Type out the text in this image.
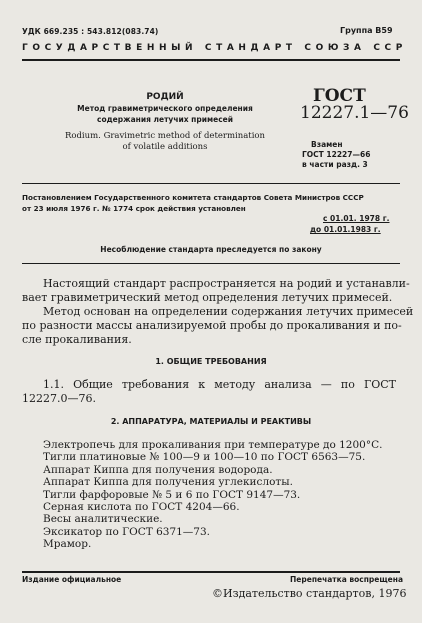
УДК 669.235 : 543.812(083.74)	Группа В59
ГОСУДАРСТВЕННЫЙ СТАНДАРТ СОЮЗА ССР
РОДИЙ
Метод гравиметрического определения
содержания летучих примесей
Rodium. Gravimetric method of determination
of volatile additions
ГОСТ
12227.1—76
Взамен
ГОСТ 12227—66
в части разд. 3
Постановлением Государственного комитета стандартов Совета Министров СССР
от 23 июля 1976 г. № 1774 срок действия установлен
с 01.01. 1978 г.
до 01.01.1983 г.
Несоблюдение стандарта преследуется по закону
Настоящий стандарт распространяется на родий и устанавли-
вает гравиметрический метод определения летучих примесей.
Метод основан на определении содержания летучих примесей
по разности массы анализируемой пробы до прокаливания и по-
сле прокаливания.
1. ОБЩИЕ ТРЕБОВАНИЯ
1.1. Общие требования к методу анализа — по ГОСТ
12227.0—76.
2. АППАРАТУРА, МАТЕРИАЛЫ И РЕАКТИВЫ
Электропечь для прокаливания при температуре до 1200°С.
Тигли платиновые № 100—9 и 100—10 по ГОСТ 6563—75.
Аппарат Киппа для получения водорода.
Аппарат Киппа для получения углекислоты.
Тигли фарфоровые № 5 и 6 по ГОСТ 9147—73.
Серная кислота по ГОСТ 4204—66.
Весы аналитические.
Эксикатор по ГОСТ 6371—73.
Мрамор.
Издание официальное	Перепечатка воспрещена
©Издательство стандартов, 1976
